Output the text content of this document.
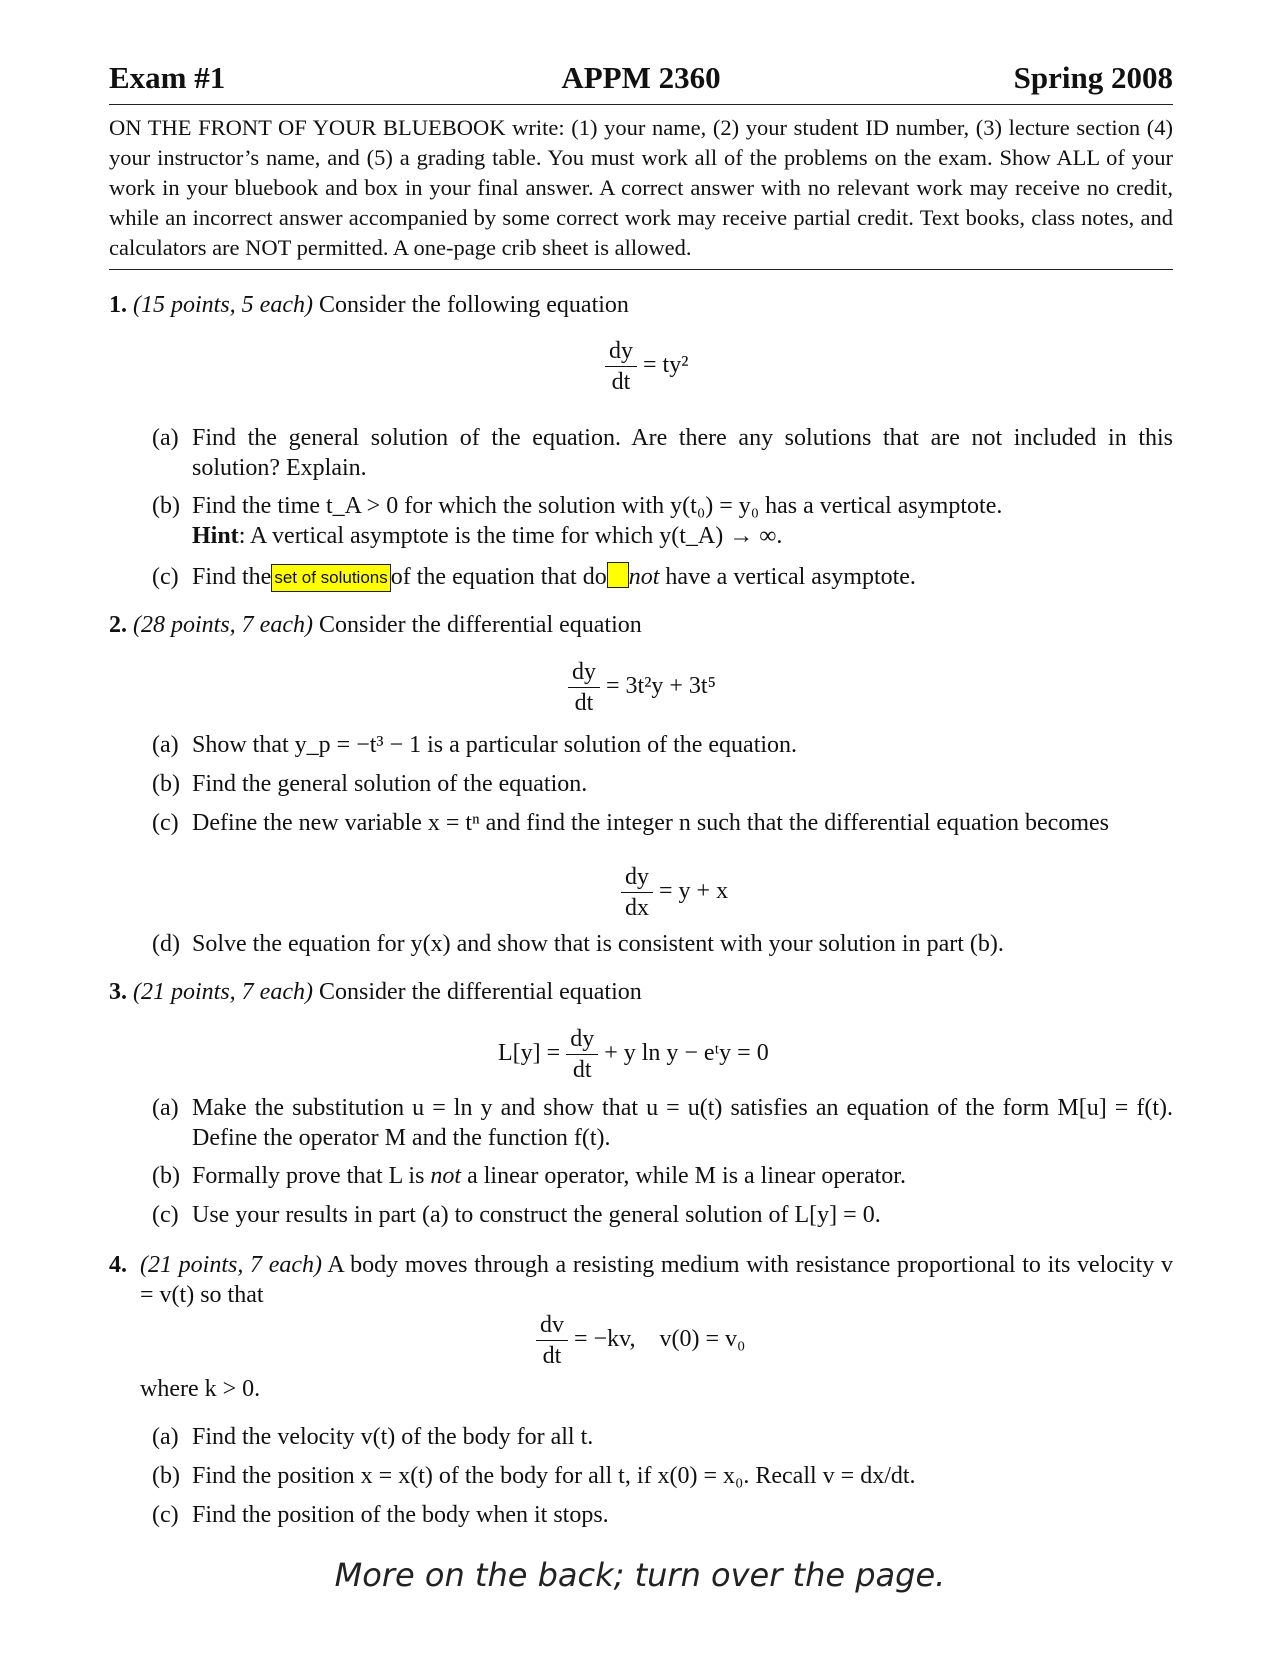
Exam #1	APPM 2360	Spring 2008
ON THE FRONT OF YOUR BLUEBOOK write: (1) your name, (2) your student ID number, (3) lecture section (4) your instructor’s name, and (5) a grading table. You must work all of the problems on the exam. Show ALL of your work in your bluebook and box in your final answer. A correct answer with no relevant work may receive no credit, while an incorrect answer accompanied by some correct work may receive partial credit. Text books, class notes, and calculators are NOT permitted. A one-page crib sheet is allowed.
1. (15 points, 5 each) Consider the following equation
$\frac{dy}{dt} = ty^2$
(a) Find the general solution of the equation. Are there any solutions that are not included in this solution? Explain.
(b) Find the time t_A > 0 for which the solution with y(t₀) = y₀ has a vertical asymptote.
Hint: A vertical asymptote is the time for which y(t_A) → ∞.
(c) Find the set of solutions of the equation that do not have a vertical asymptote.
2. (28 points, 7 each) Consider the differential equation
$\frac{dy}{dt} = 3t^2y + 3t^5$
(a) Show that y_p = −t³ − 1 is a particular solution of the equation.
(b) Find the general solution of the equation.
(c) Define the new variable x = tⁿ and find the integer n such that the differential equation becomes
$\frac{dy}{dx} = y + x$
(d) Solve the equation for y(x) and show that is consistent with your solution in part (b).
3. (21 points, 7 each) Consider the differential equation
$L[y] = \frac{dy}{dt} + y$ ln y − eᵗy = 0
(a) Make the substitution u = ln y and show that u = u(t) satisfies an equation of the form M[u] = f(t). Define the operator M and the function f(t).
(b) Formally prove that L is not a linear operator, while M is a linear operator.
(c) Use your results in part (a) to construct the general solution of L[y] = 0.
4. (21 points, 7 each) A body moves through a resisting medium with resistance proportional to its velocity v = v(t) so that
$\frac{dv}{dt} = -kv$,    v(0) = v₀
where k > 0.
(a) Find the velocity v(t) of the body for all t.
(b) Find the position x = x(t) of the body for all t, if x(0) = x₀. Recall v = dx/dt.
(c) Find the position of the body when it stops.
More on the back; turn over the page.
